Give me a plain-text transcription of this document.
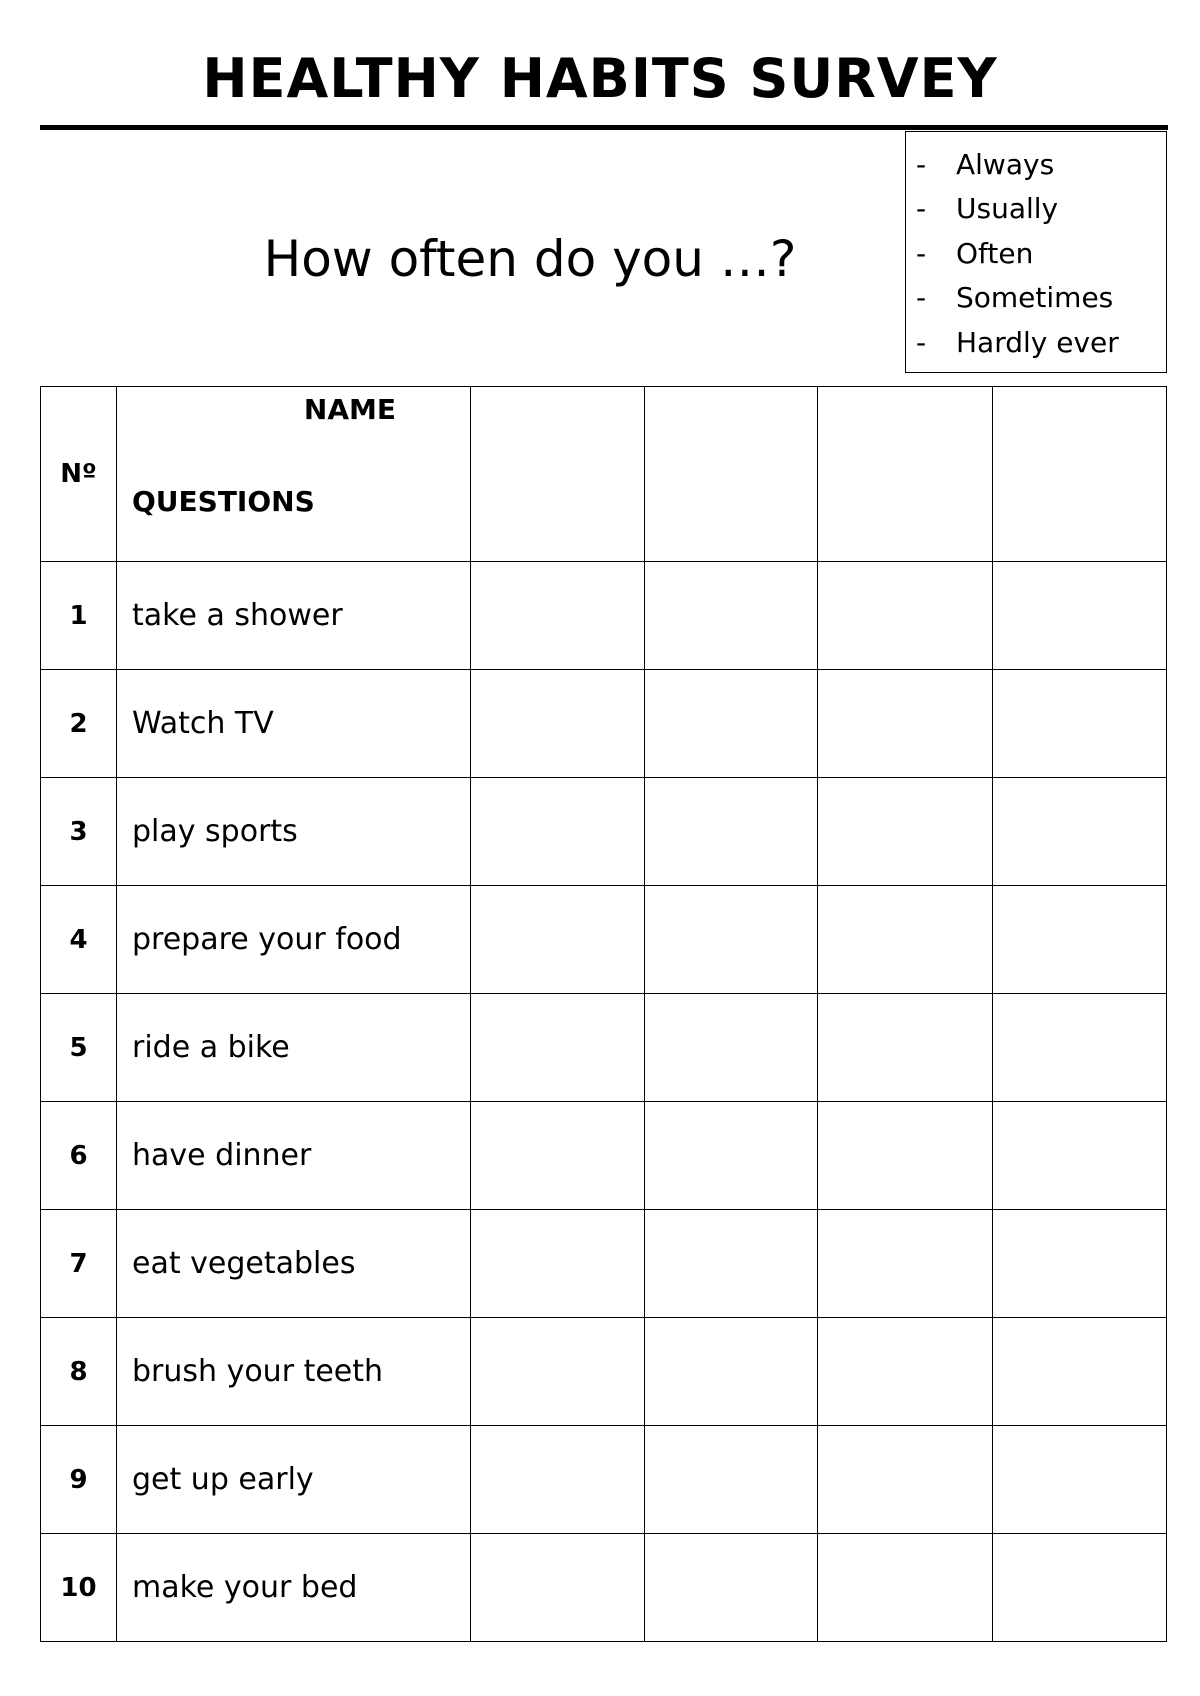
HEALTHY HABITS SURVEY
How often do you …?
-	Always
-	Usually
-	Often
-	Sometimes
-	Hardly ever
Nº	NAME
QUESTIONS				

1	take a shower				
2	Watch TV				
3	play sports				
4	prepare your food				
5	ride a bike				
6	have dinner				
7	eat vegetables				
8	brush your teeth				
9	get up early				
10	make your bed				
